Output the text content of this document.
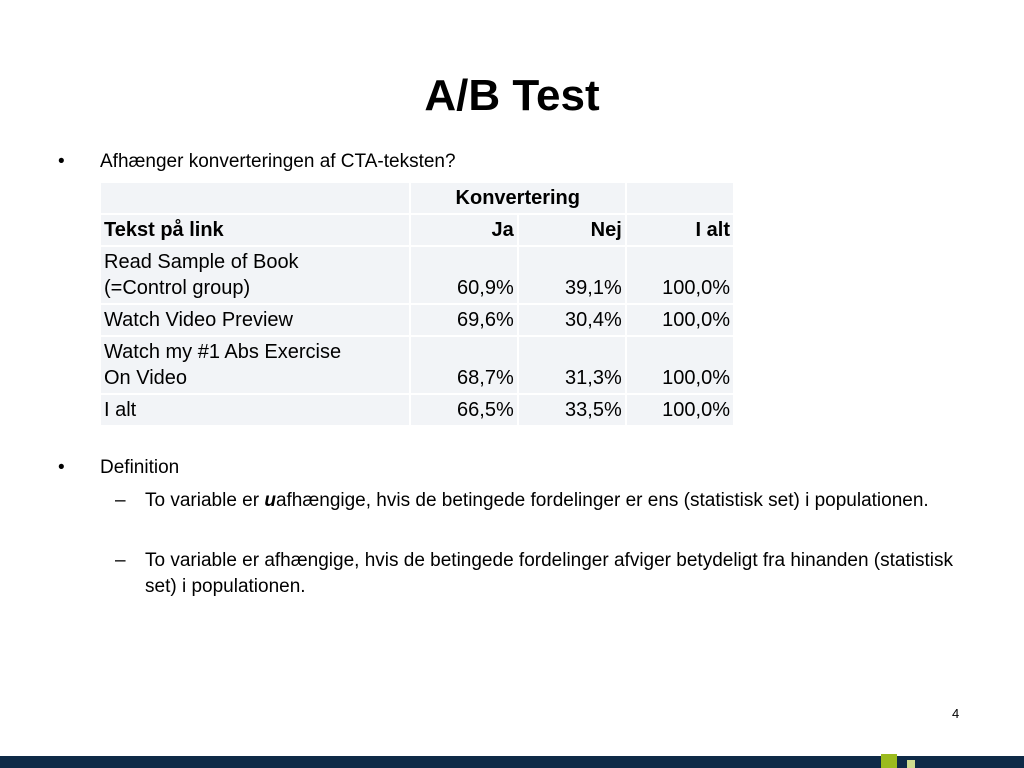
A/B Test
• Afhænger konverteringen af CTA-teksten?
	Konvertering		
Tekst på link	Ja	Nej	I alt
Read Sample of Book
(=Control group)	60,9%	39,1%	100,0%
Watch Video Preview	69,6%	30,4%	100,0%
Watch my #1 Abs Exercise
On Video	68,7%	31,3%	100,0%
I alt	66,5%	33,5%	100,0%
• Definition
– To variable er uafhængige, hvis de betingede fordelinger er ens (statistisk set) i populationen.
– To variable er afhængige, hvis de betingede fordelinger afviger betydeligt fra hinanden (statistisk set) i populationen.
4
